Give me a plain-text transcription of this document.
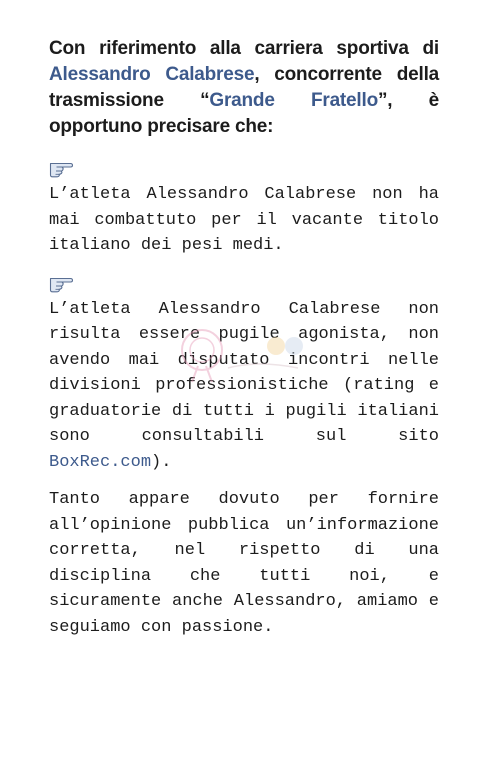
Con riferimento alla carriera sportiva di Alessandro Calabrese, concorrente della trasmissione “Grande Fratello”, è opportuno precisare che:

L’atleta Alessandro Calabrese non ha mai combattuto per il vacante titolo italiano dei pesi medi.

L’atleta Alessandro Calabrese non risulta essere pugile agonista, non avendo mai disputato incontri nelle divisioni professionistiche (rating e graduatorie di tutti i pugili italiani sono consultabili sul sito BoxRec.com).

Tanto appare dovuto per fornire all’opinione pubblica un’informazione corretta, nel rispetto di una disciplina che tutti noi, e sicuramente anche Alessandro, amiamo e seguiamo con passione.
